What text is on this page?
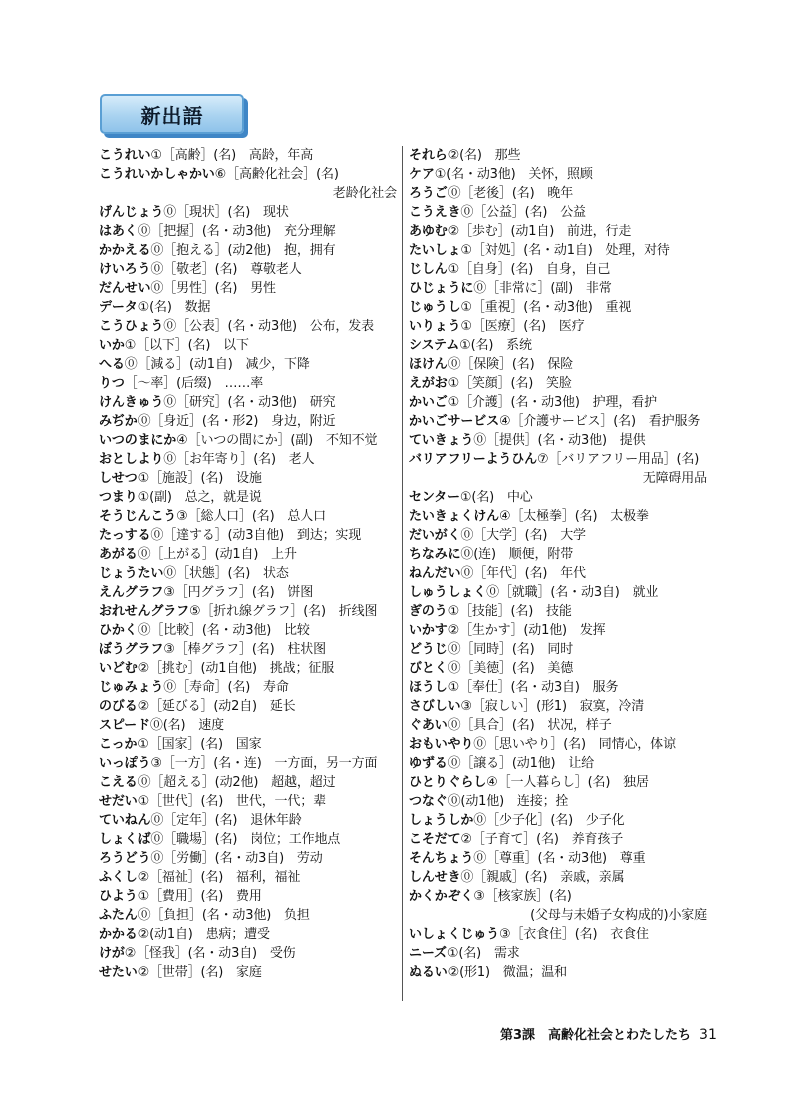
新出語
こうれい①［高齢］(名)　高龄，年高
こうれいかしゃかい⑥［高齢化社会］(名)
老龄化社会
げんじょう⓪［現状］(名)　现状
はあく⓪［把握］(名・动3他)　充分理解
かかえる⓪［抱える］(动2他)　抱，拥有
けいろう⓪［敬老］(名)　尊敬老人
だんせい⓪［男性］(名)　男性
データ①(名)　数据
こうひょう⓪［公表］(名・动3他)　公布，发表
いか①［以下］(名)　以下
へる⓪［減る］(动1自)　减少，下降
りつ［～率］(后缀)　……率
けんきゅう⓪［研究］(名・动3他)　研究
みぢか⓪［身近］(名・形2)　身边，附近
いつのまにか④［いつの間にか］(副)　不知不觉
おとしより⓪［お年寄り］(名)　老人
しせつ①［施設］(名)　设施
つまり①(副)　总之，就是说
そうじんこう③［総人口］(名)　总人口
たっする⓪［達する］(动3自他)　到达；实现
あがる⓪［上がる］(动1自)　上升
じょうたい⓪［状態］(名)　状态
えんグラフ③［円グラフ］(名)　饼图
おれせんグラフ⑤［折れ線グラフ］(名)　折线图
ひかく⓪［比較］(名・动3他)　比较
ぼうグラフ③［棒グラフ］(名)　柱状图
いどむ②［挑む］(动1自他)　挑战；征服
じゅみょう⓪［寿命］(名)　寿命
のびる②［延びる］(动2自)　延长
スピード⓪(名)　速度
こっか①［国家］(名)　国家
いっぽう③［一方］(名・连)　一方面，另一方面
こえる⓪［超える］(动2他)　超越，超过
せだい①［世代］(名)　世代，一代；辈
ていねん⓪［定年］(名)　退休年龄
しょくば⓪［職場］(名)　岗位；工作地点
ろうどう⓪［労働］(名・动3自)　劳动
ふくし②［福祉］(名)　福利，福祉
ひよう①［費用］(名)　费用
ふたん⓪［負担］(名・动3他)　负担
かかる②(动1自)　患病；遭受
けが②［怪我］(名・动3自)　受伤
せたい②［世帯］(名)　家庭
それら②(名)　那些
ケア①(名・动3他)　关怀，照顾
ろうご⓪［老後］(名)　晚年
こうえき⓪［公益］(名)　公益
あゆむ②［歩む］(动1自)　前进，行走
たいしょ①［対処］(名・动1自)　处理，对待
じしん①［自身］(名)　自身，自己
ひじょうに⓪［非常に］(副)　非常
じゅうし①［重視］(名・动3他)　重视
いりょう①［医療］(名)　医疗
システム①(名)　系统
ほけん⓪［保険］(名)　保险
えがお①［笑顔］(名)　笑脸
かいご①［介護］(名・动3他)　护理，看护
かいごサービス④［介護サービス］(名)　看护服务
ていきょう⓪［提供］(名・动3他)　提供
バリアフリーようひん⑦［バリアフリー用品］(名)
无障碍用品
センター①(名)　中心
たいきょくけん④［太極拳］(名)　太极拳
だいがく⓪［大学］(名)　大学
ちなみに⓪(连)　顺便，附带
ねんだい⓪［年代］(名)　年代
しゅうしょく⓪［就職］(名・动3自)　就业
ぎのう①［技能］(名)　技能
いかす②［生かす］(动1他)　发挥
どうじ⓪［同時］(名)　同时
びとく⓪［美徳］(名)　美德
ほうし①［奉仕］(名・动3自)　服务
さびしい③［寂しい］(形1)　寂寞，冷清
ぐあい⓪［具合］(名)　状况，样子
おもいやり⓪［思いやり］(名)　同情心，体谅
ゆずる⓪［譲る］(动1他)　让给
ひとりぐらし④［一人暮らし］(名)　独居
つなぐ⓪(动1他)　连接；拴
しょうしか⓪［少子化］(名)　少子化
こそだて②［子育て］(名)　养育孩子
そんちょう⓪［尊重］(名・动3他)　尊重
しんせき⓪［親戚］(名)　亲戚，亲属
かくかぞく③［核家族］(名)
(父母与未婚子女构成的)小家庭
いしょくじゅう③［衣食住］(名)　衣食住
ニーズ①(名)　需求
ぬるい②(形1)　微温；温和
第3課　高齢化社会とわたしたち 31
